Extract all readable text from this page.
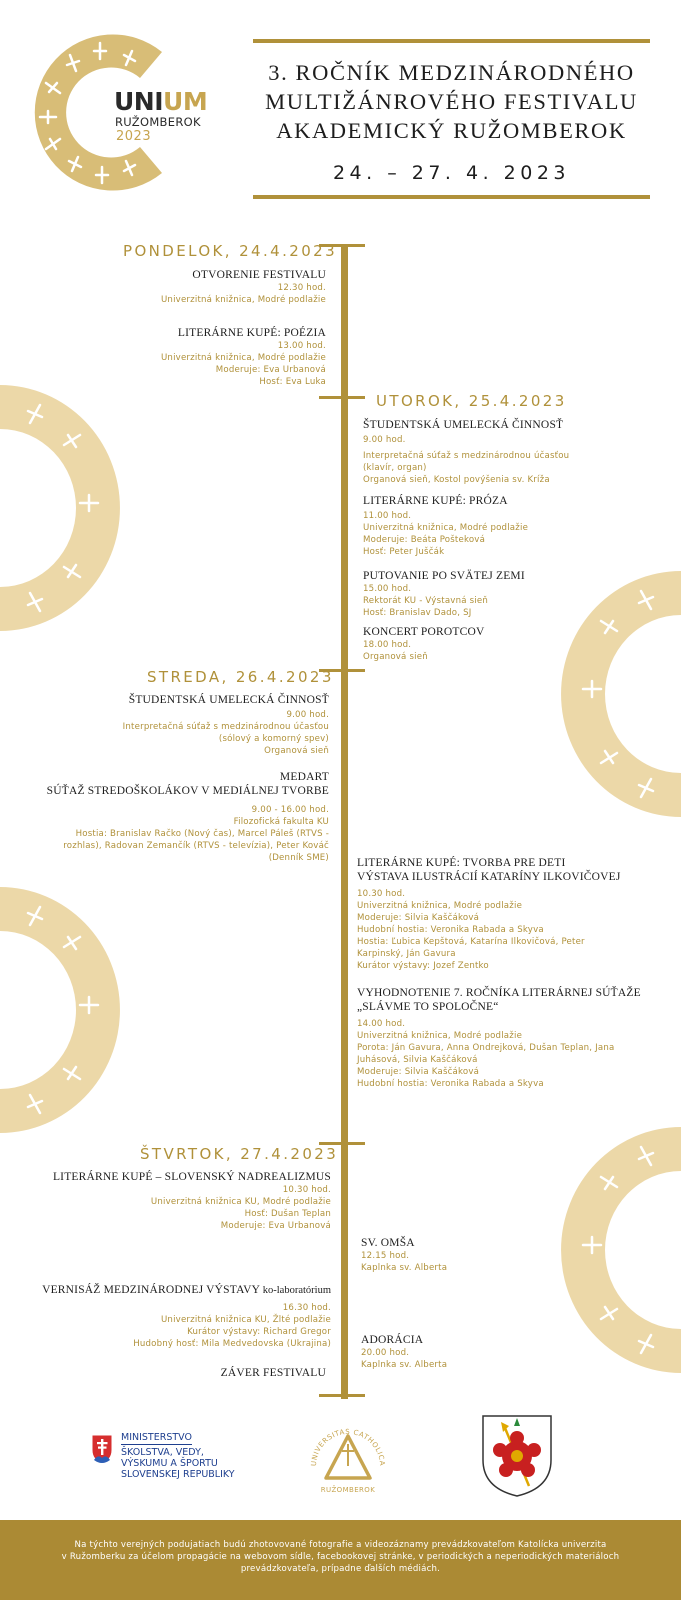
UNIUM
RUŽOMBEROK
2023
3. ROČNÍK MEDZINÁRODNÉHO
MULTIŽÁNROVÉHO FESTIVALU
AKADEMICKÝ RUŽOMBEROK
24. – 27. 4. 2023
PONDELOK, 24.4.2023
UTOROK, 25.4.2023
STREDA, 26.4.2023
ŠTVRTOK, 27.4.2023
OTVORENIE FESTIVALU
12.30 hod.
Univerzitná knižnica, Modré podlažie
LITERÁRNE KUPÉ: POÉZIA
13.00 hod.
Univerzitná knižnica, Modré podlažie
Moderuje: Eva Urbanová
Hosť: Eva Luka
ŠTUDENTSKÁ UMELECKÁ ČINNOSŤ
9.00 hod.
Interpretačná súťaž s medzinárodnou účasťou
(klavír, organ)
Organová sieň, Kostol povýšenia sv. Kríža
LITERÁRNE KUPÉ: PRÓZA
11.00 hod.
Univerzitná knižnica, Modré podlažie
Moderuje: Beáta Pošteková
Hosť: Peter Juščák
PUTOVANIE PO SVÄTEJ ZEMI
15.00 hod.
Rektorát KU - Výstavná sieň
Hosť: Branislav Dado, SJ
KONCERT POROTCOV
18.00 hod.
Organová sieň
ŠTUDENTSKÁ UMELECKÁ ČINNOSŤ
9.00 hod.
Interpretačná súťaž s medzinárodnou účasťou
(sólový a komorný spev)
Organová sieň
MEDART
SÚŤAŽ STREDOŠKOLÁKOV V MEDIÁLNEJ TVORBE
9.00 - 16.00 hod.
Filozofická fakulta KU
Hostia: Branislav Račko (Nový čas), Marcel Páleš (RTVS -
rozhlas), Radovan Zemančík (RTVS - televízia), Peter Kováč
(Denník SME) LITERÁRNE KUPÉ: TVORBA PRE DETI
VÝSTAVA ILUSTRÁCIÍ KATARÍNY ILKOVIČOVEJ
10.30 hod.
Univerzitná knižnica, Modré podlažie
Moderuje: Silvia Kaščáková
Hudobní hostia: Veronika Rabada a Skyva
Hostia: Ľubica Kepštová, Katarína Ilkovičová, Peter
Karpinský, Ján Gavura
Kurátor výstavy: Jozef Zentko
VYHODNOTENIE 7. ROČNÍKA LITERÁRNEJ SÚŤAŽE
„SLÁVME TO SPOLOČNE“
14.00 hod.
Univerzitná knižnica, Modré podlažie
Porota: Ján Gavura, Anna Ondrejková, Dušan Teplan, Jana
Juhásová, Silvia Kaščáková
Moderuje: Silvia Kaščáková
Hudobní hostia: Veronika Rabada a Skyva
LITERÁRNE KUPÉ – SLOVENSKÝ NADREALIZMUS
10.30 hod.
Univerzitná knižnica KU, Modré podlažie
Hosť: Dušan Teplan
Moderuje: Eva Urbanová
SV. OMŠA
12.15 hod.
Kaplnka sv. Alberta
VERNISÁŽ MEDZINÁRODNEJ VÝSTAVY ko-laboratórium
16.30 hod.
Univerzitná knižnica KU, Žlté podlažie
Kurátor výstavy: Richard Gregor
Hudobný hosť: Mila Medvedovska (Ukrajina)	ADORÁCIA
20.00 hod.
Kaplnka sv. Alberta
ZÁVER FESTIVALU
MINISTERSTVO
ŠKOLSTVA, VEDY,
VÝSKUMU A ŠPORTU
SLOVENSKEJ REPUBLIKY
UNIVERSITAS CATHOLICA
RUŽOMBEROK
Na týchto verejných podujatiach budú zhotovované fotografie a videozáznamy prevádzkovateľom Katolícka univerzita
v Ružomberku za účelom propagácie na webovom sídle, facebookovej stránke, v periodických a neperiodických materiáloch
prevádzkovateľa, prípadne ďalších médiách.
